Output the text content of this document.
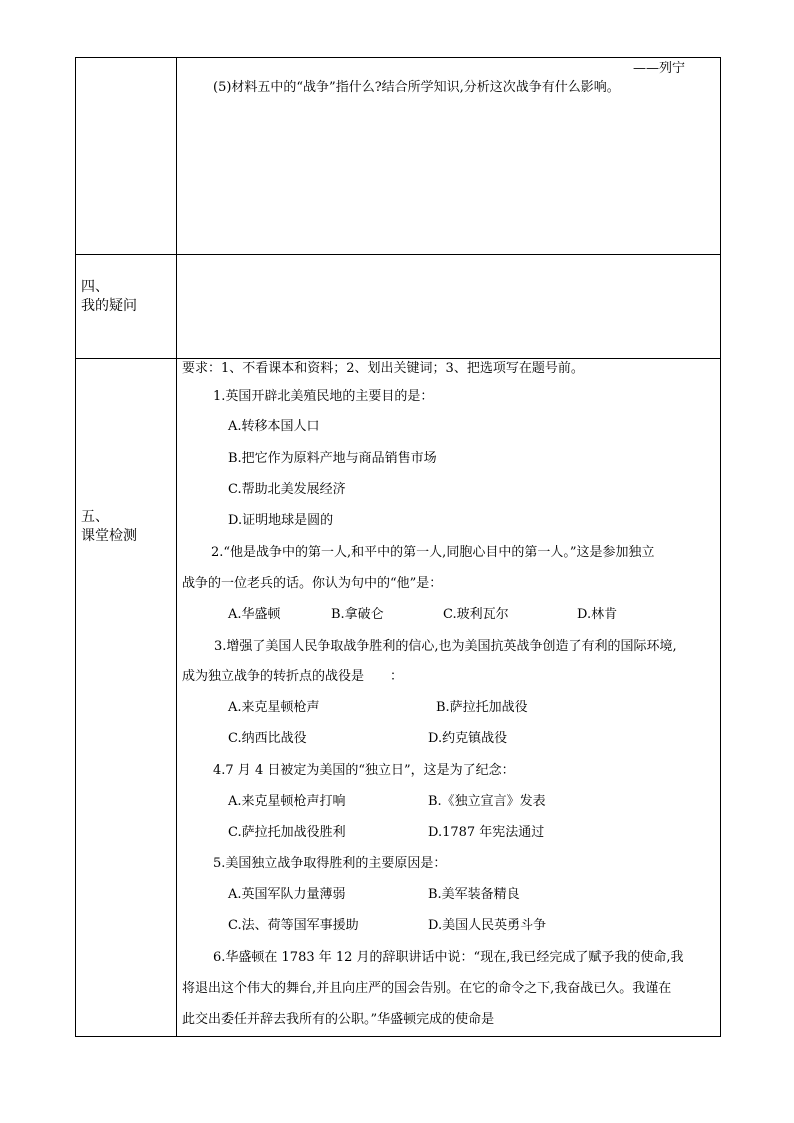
——列宁
(5)材料五中的“战争”指什么?结合所学知识,分析这次战争有什么影响。
四、
我的疑问
五、
课堂检测
要求：1、不看课本和资料；2、划出关键词；3、把选项写在题号前。
1.英国开辟北美殖民地的主要目的是：
A.转移本国人口
B.把它作为原料产地与商品销售市场
C.帮助北美发展经济
D.证明地球是圆的
2.“他是战争中的第一人,和平中的第一人,同胞心目中的第一人。”这是参加独立
战争的一位老兵的话。你认为句中的“他”是：
A.华盛顿	B.拿破仑	C.玻利瓦尔	D.林肯
3.增强了美国人民争取战争胜利的信心,也为美国抗英战争创造了有利的国际环境,
成为独立战争的转折点的战役是　　：
A.来克星顿枪声	B.萨拉托加战役
C.纳西比战役	D.约克镇战役
4.7 月 4 日被定为美国的“独立日”，这是为了纪念：
A.来克星顿枪声打响	B.《独立宣言》发表
C.萨拉托加战役胜利	D.1787 年宪法通过
5.美国独立战争取得胜利的主要原因是：
A.英国军队力量薄弱	B.美军装备精良
C.法、荷等国军事援助	D.美国人民英勇斗争
6.华盛顿在 1783 年 12 月的辞职讲话中说：“现在,我已经完成了赋予我的使命,我
将退出这个伟大的舞台,并且向庄严的国会告别。在它的命令之下,我奋战已久。我谨在
此交出委任并辞去我所有的公职。”华盛顿完成的使命是
